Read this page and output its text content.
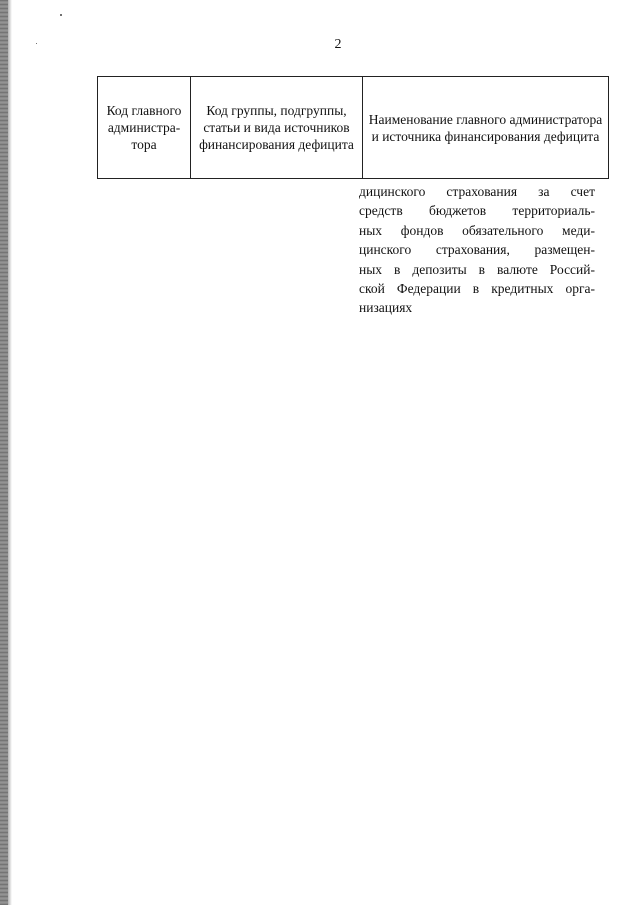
2
Код главного администра-тора	Код группы, подгруппы, статьи и вида источников финансирования дефицита	Наименование главного администратора и источника финансирования дефицита
дицинского страхования за счет
средств бюджетов территориаль-
ных фондов обязательного меди-
цинского страхования, размещен-
ных в депозиты в валюте Россий-
ской Федерации в кредитных орга-
низациях
